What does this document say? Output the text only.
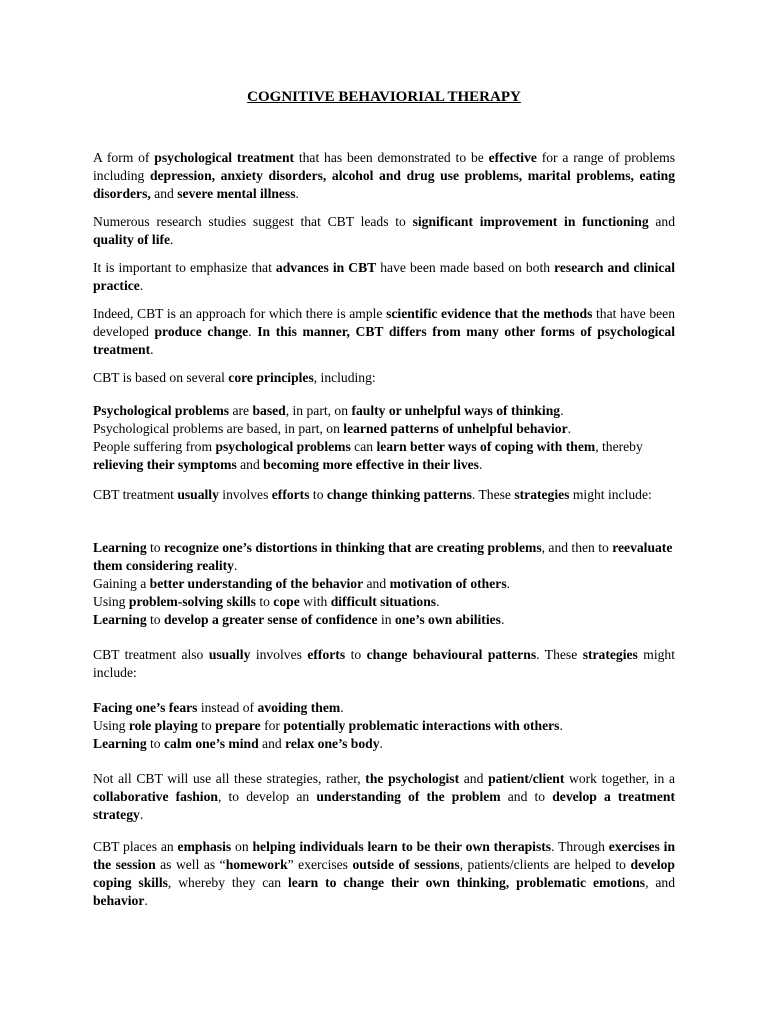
COGNITIVE BEHAVIORIAL THERAPY

A form of psychological treatment that has been demonstrated to be effective for a range of problems including depression, anxiety disorders, alcohol and drug use problems, marital problems, eating disorders, and severe mental illness.

Numerous research studies suggest that CBT leads to significant improvement in functioning and quality of life.

It is important to emphasize that advances in CBT have been made based on both research and clinical practice.

Indeed, CBT is an approach for which there is ample scientific evidence that the methods that have been developed produce change. In this manner, CBT differs from many other forms of psychological treatment.

CBT is based on several core principles, including:

Psychological problems are based, in part, on faulty or unhelpful ways of thinking.

Psychological problems are based, in part, on learned patterns of unhelpful behavior.

People suffering from psychological problems can learn better ways of coping with them, thereby relieving their symptoms and becoming more effective in their lives.

CBT treatment usually involves efforts to change thinking patterns. These strategies might include:

Learning to recognize one’s distortions in thinking that are creating problems, and then to reevaluate them considering reality.

Gaining a better understanding of the behavior and motivation of others.

Using problem-solving skills to cope with difficult situations.

Learning to develop a greater sense of confidence in one’s own abilities.

CBT treatment also usually involves efforts to change behavioural patterns. These strategies might include:

Facing one’s fears instead of avoiding them.

Using role playing to prepare for potentially problematic interactions with others.

Learning to calm one’s mind and relax one’s body.

Not all CBT will use all these strategies, rather, the psychologist and patient/client work together, in a collaborative fashion, to develop an understanding of the problem and to develop a treatment strategy.

CBT places an emphasis on helping individuals learn to be their own therapists. Through exercises in the session as well as “homework” exercises outside of sessions, patients/clients are helped to develop coping skills, whereby they can learn to change their own thinking, problematic emotions, and behavior.
